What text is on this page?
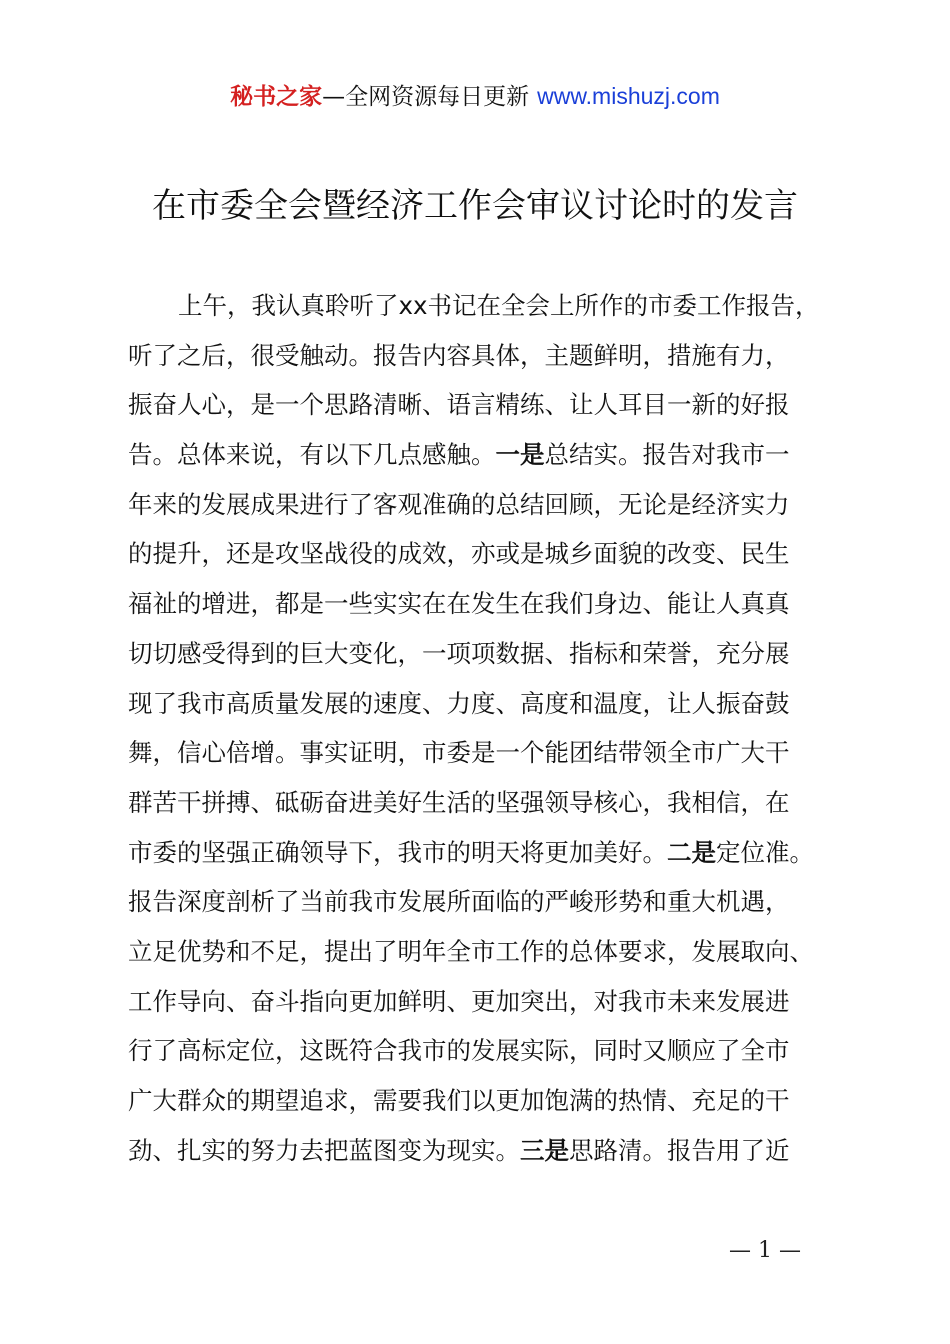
秘书之家—全网资源每日更新 www.mishuzj.com
在市委全会暨经济工作会审议讨论时的发言
上午，我认真聆听了xx书记在全会上所作的市委工作报告，
听了之后，很受触动。报告内容具体，主题鲜明，措施有力，
振奋人心，是一个思路清晰、语言精练、让人耳目一新的好报
告。总体来说，有以下几点感触。一是总结实。报告对我市一
年来的发展成果进行了客观准确的总结回顾，无论是经济实力
的提升，还是攻坚战役的成效，亦或是城乡面貌的改变、民生
福祉的增进，都是一些实实在在发生在我们身边、能让人真真
切切感受得到的巨大变化，一项项数据、指标和荣誉，充分展
现了我市高质量发展的速度、力度、高度和温度，让人振奋鼓
舞，信心倍增。事实证明，市委是一个能团结带领全市广大干
群苦干拼搏、砥砺奋进美好生活的坚强领导核心，我相信，在
市委的坚强正确领导下，我市的明天将更加美好。二是定位准。
报告深度剖析了当前我市发展所面临的严峻形势和重大机遇，
立足优势和不足，提出了明年全市工作的总体要求，发展取向、
工作导向、奋斗指向更加鲜明、更加突出，对我市未来发展进
行了高标定位，这既符合我市的发展实际，同时又顺应了全市
广大群众的期望追求，需要我们以更加饱满的热情、充足的干
劲、扎实的努力去把蓝图变为现实。三是思路清。报告用了近
— 1 —
